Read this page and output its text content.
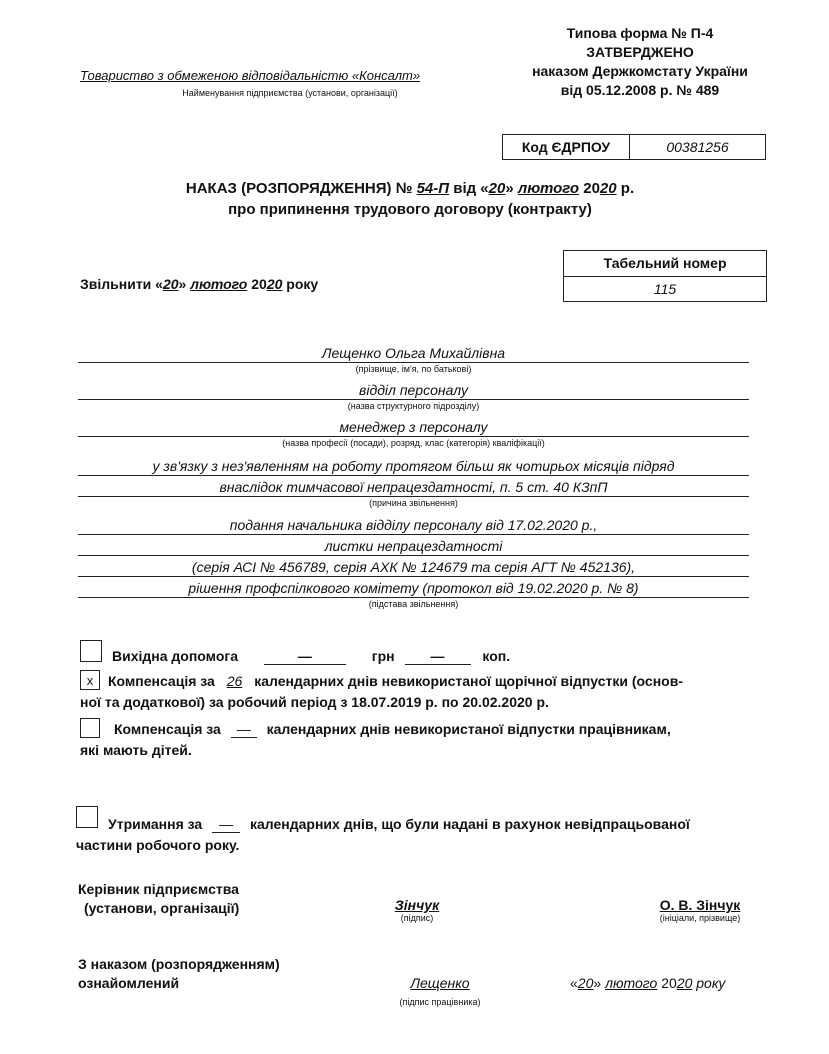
Типова форма № П-4
ЗАТВЕРДЖЕНО
наказом Держкомстату України
від 05.12.2008 р. № 489
Товариство з обмеженою відповідальністю «Консалт»
Найменування підприємства (установи, організації)
Код ЄДРПОУ	00381256
НАКАЗ (РОЗПОРЯДЖЕННЯ) № 54-П від «20» лютого 2020 р.
про припинення трудового договору (контракту)
Табельний номер
115
Звільнити «20» лютого 2020 року
Лещенко Ольга Михайлівна
(прізвище, ім'я, по батькові)
відділ персоналу
(назва структурного підрозділу)
менеджер з персоналу
(назва професії (посади), розряд, клас (категорія) кваліфікації)
у зв'язку з нез'явленням на роботу протягом більш як чотирьох місяців підряд
внаслідок тимчасової непрацездатності, п. 5 ст. 40 КЗпП
(причина звільнення)
подання начальника відділу персоналу від 17.02.2020 р.,
листки непрацездатності
(серія АСІ № 456789, серія АХК № 124679 та серія АГТ № 452136),
рішення профспілкового комітету (протокол від 19.02.2020 р. № 8)
(підстава звільнення)
Вихідна допомога	—	грн	—	коп.
x	Компенсація за 26 календарних днів невикористаної щорічної відпустки (основ-
ної та додаткової) за робочий період з 18.07.2019 р. по 20.02.2020 р.
Компенсація за — календарних днів невикористаної відпустки працівникам,
які мають дітей.
Утримання за — календарних днів, що були надані в рахунок невідпрацьованої
частини робочого року.
Керівник підприємства
(установи, організації)	Зінчук
(підпис)
О. В. Зінчук
(ініціали, прізвище)
З наказом (розпорядженням)
ознайомлений	Лещенко
(підпис працівника)
«20» лютого 2020 року
